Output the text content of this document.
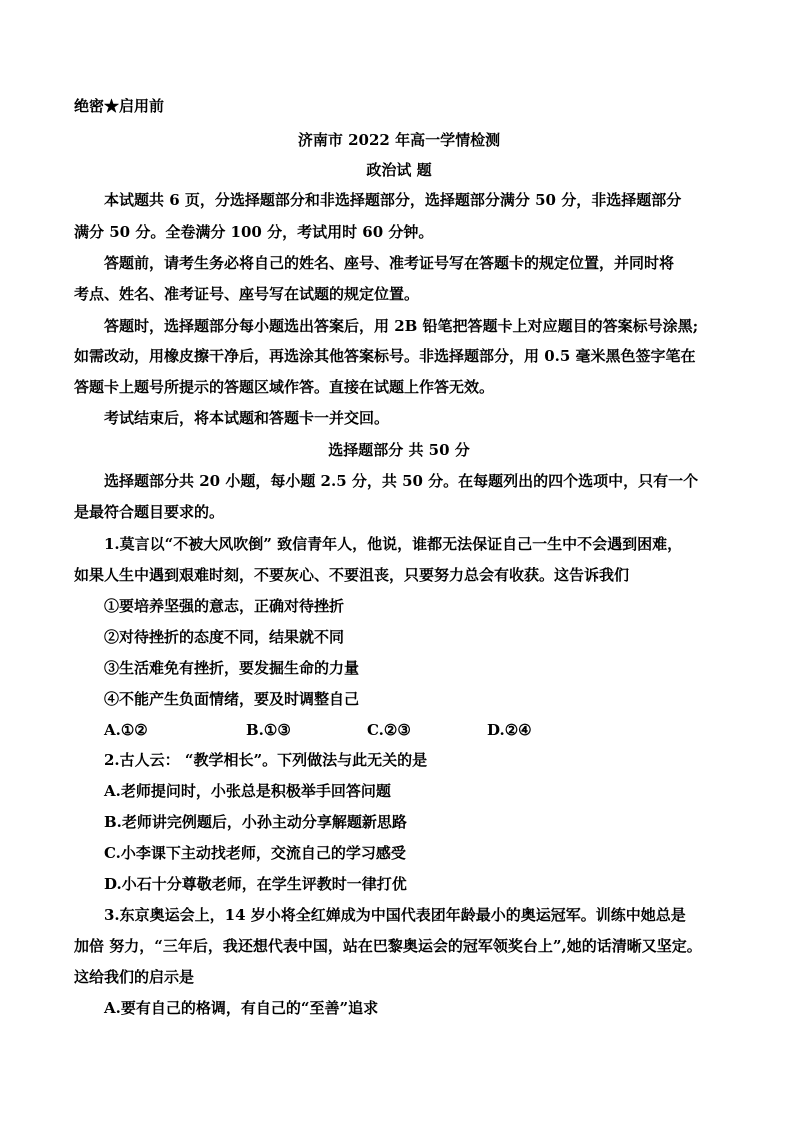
绝密★启用前
济南市 2022 年高一学情检测
政治试 题
本试题共 6 页，分选择题部分和非选择题部分，选择题部分满分 50 分，非选择题部分
满分 50 分。全卷满分 100 分，考试用时 60 分钟。
答题前，请考生务必将自己的姓名、座号、准考证号写在答题卡的规定位置，并同时将
考点、姓名、准考证号、座号写在试题的规定位置。
答题时，选择题部分每小题选出答案后，用 2B 铅笔把答题卡上对应题目的答案标号涂黑;
如需改动，用橡皮擦干净后，再选涂其他答案标号。非选择题部分，用 0.5 毫米黑色签字笔在
答题卡上题号所提示的答题区域作答。直接在试题上作答无效。
考试结束后，将本试题和答题卡一并交回。
选择题部分 共 50 分
选择题部分共 20 小题，每小题 2.5 分，共 50 分。在每题列出的四个选项中，只有一个
是最符合题目要求的。
1.莫言以“不被大风吹倒” 致信青年人，他说，谁都无法保证自己一生中不会遇到困难，
如果人生中遇到艰难时刻，不要灰心、不要沮丧，只要努力总会有收获。这告诉我们
①要培养坚强的意志，正确对待挫折
②对待挫折的态度不同，结果就不同
③生活难免有挫折，要发掘生命的力量
④不能产生负面情绪，要及时调整自己
A.①②	B.①③	C.②③	D.②④
2.古人云： “教学相长”。下列做法与此无关的是
A.老师提问时，小张总是积极举手回答问题
B.老师讲完例题后，小孙主动分享解题新思路
C.小李课下主动找老师，交流自己的学习感受
D.小石十分尊敬老师，在学生评教时一律打优
3.东京奥运会上，14 岁小将全红婵成为中国代表团年龄最小的奥运冠军。训练中她总是
加倍 努力，“三年后，我还想代表中国，站在巴黎奥运会的冠军领奖台上”,她的话清晰又坚定。
这给我们的启示是
A.要有自己的格调，有自己的“至善”追求
